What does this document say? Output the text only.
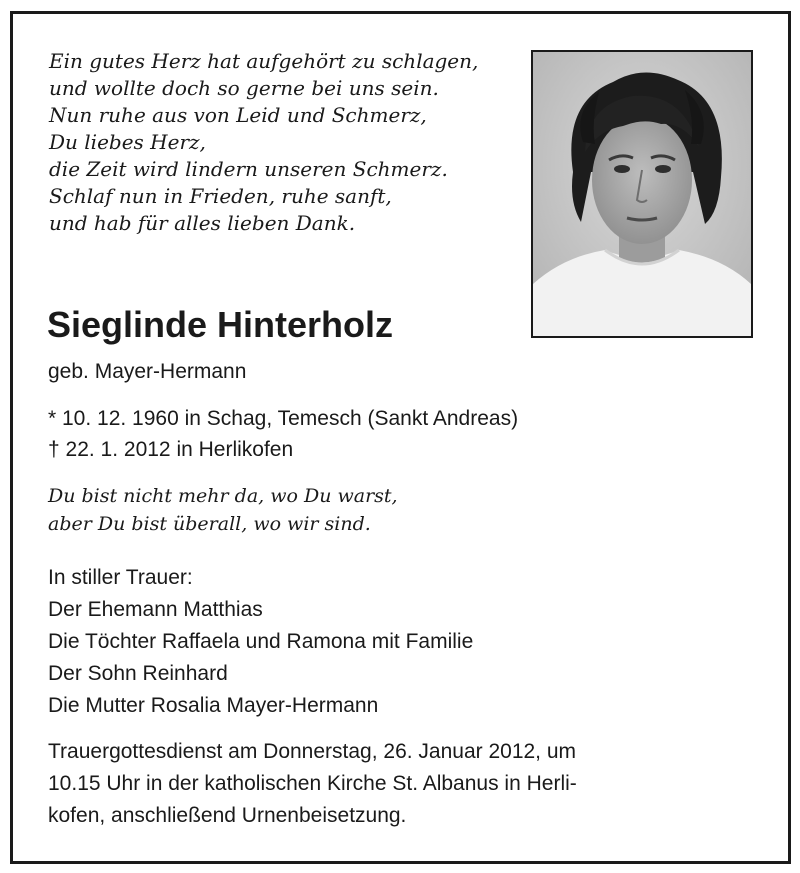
Ein gutes Herz hat aufgehört zu schlagen,
und wollte doch so gerne bei uns sein.
Nun ruhe aus von Leid und Schmerz,
Du liebes Herz,
die Zeit wird lindern unseren Schmerz.
Schlaf nun in Frieden, ruhe sanft,
und hab für alles lieben Dank.
Sieglinde Hinterholz
geb. Mayer-Hermann
* 10. 12. 1960 in Schag, Temesch (Sankt Andreas)
† 22. 1. 2012 in Herlikofen
Du bist nicht mehr da, wo Du warst,
aber Du bist überall, wo wir sind.
In stiller Trauer:
Der Ehemann Matthias
Die Töchter Raffaela und Ramona mit Familie
Der Sohn Reinhard
Die Mutter Rosalia Mayer-Hermann
Trauergottesdienst am Donnerstag, 26. Januar 2012, um
10.15 Uhr in der katholischen Kirche St. Albanus in Herli-
kofen, anschließend Urnenbeisetzung.
